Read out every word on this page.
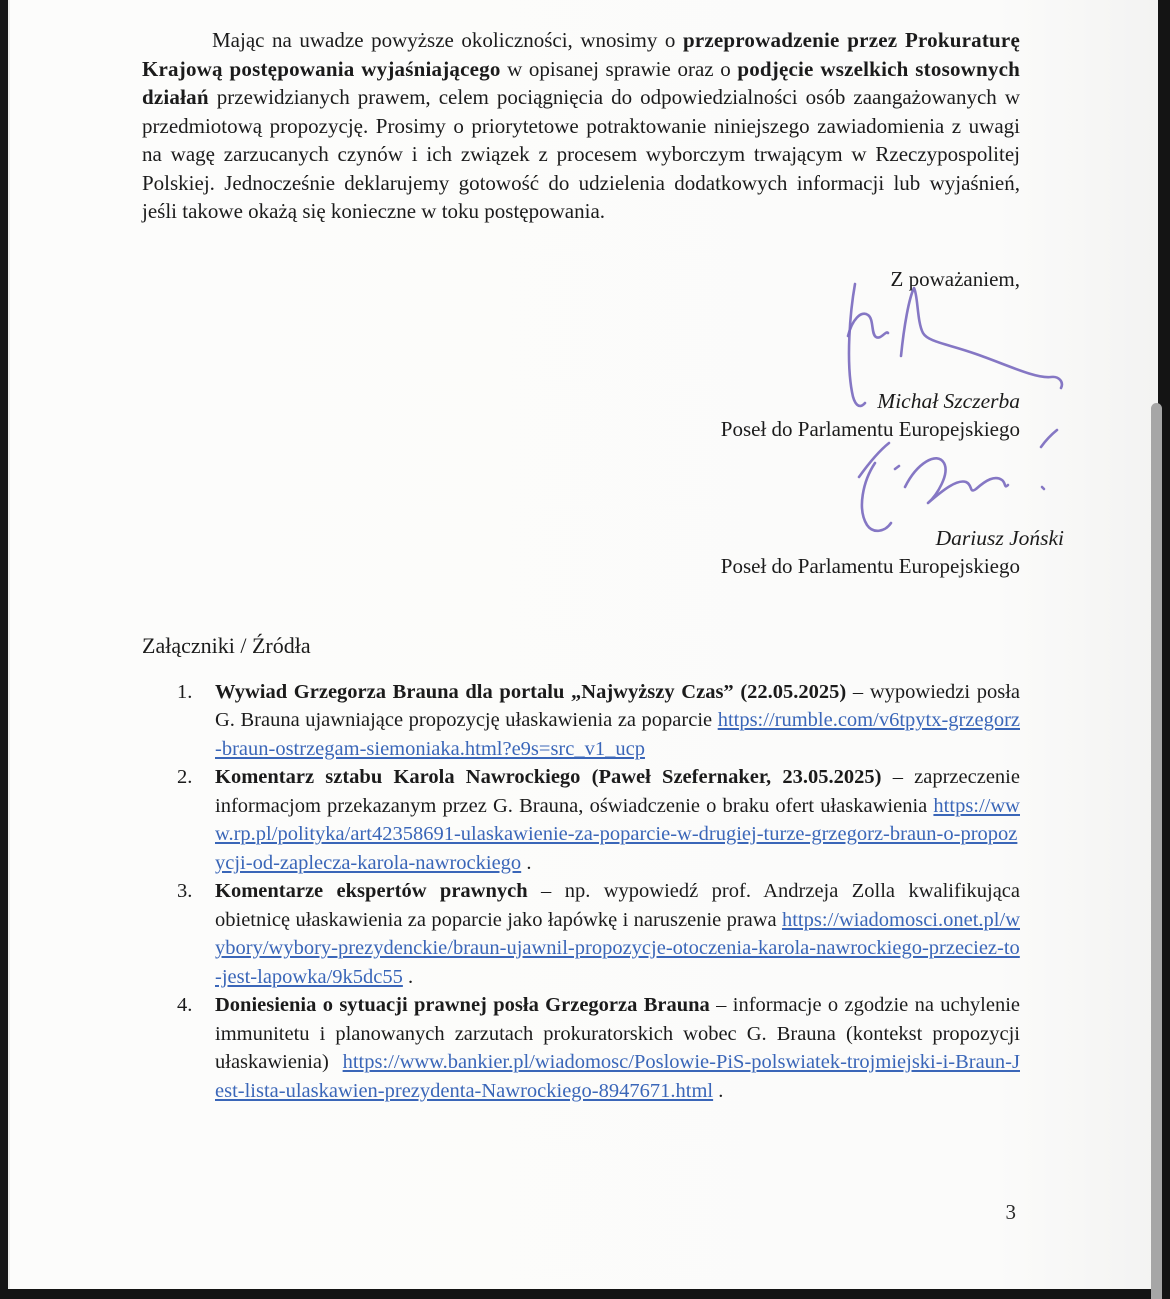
Mając na uwadze powyższe okoliczności, wnosimy o przeprowadzenie przez Prokuraturę Krajową postępowania wyjaśniającego w opisanej sprawie oraz o podjęcie wszelkich stosownych działań przewidzianych prawem, celem pociągnięcia do odpowiedzialności osób zaangażowanych w przedmiotową propozycję. Prosimy o priorytetowe potraktowanie niniejszego zawiadomienia z uwagi na wagę zarzucanych czynów i ich związek z procesem wyborczym trwającym w Rzeczypospolitej Polskiej. Jednocześnie deklarujemy gotowość do udzielenia dodatkowych informacji lub wyjaśnień, jeśli takowe okażą się konieczne w toku postępowania.

Z poważaniem,
Michał Szczerba
Poseł do Parlamentu Europejskiego
Dariusz Joński
Poseł do Parlamentu Europejskiego
Załączniki / Źródła
1. Wywiad Grzegorza Brauna dla portalu „Najwyższy Czas” (22.05.2025) – wypowiedzi posła G. Brauna ujawniające propozycję ułaskawienia za poparcie https://rumble.com/v6tpytx-grzegorz-braun-ostrzegam-siemoniaka.html?e9s=src_v1_ucp
2. Komentarz sztabu Karola Nawrockiego (Paweł Szefernaker, 23.05.2025) – zaprzeczenie informacjom przekazanym przez G. Brauna, oświadczenie o braku ofert ułaskawienia https://www.rp.pl/polityka/art42358691-ulaskawienie-za-poparcie-w-drugiej-turze-grzegorz-braun-o-propozycji-od-zaplecza-karola-nawrockiego .
3. Komentarze ekspertów prawnych – np. wypowiedź prof. Andrzeja Zolla kwalifikująca obietnicę ułaskawienia za poparcie jako łapówkę i naruszenie prawa https://wiadomosci.onet.pl/wybory/wybory-prezydenckie/braun-ujawnil-propozycje-otoczenia-karola-nawrockiego-przeciez-to-jest-lapowka/9k5dc55 .
4. Doniesienia o sytuacji prawnej posła Grzegorza Brauna – informacje o zgodzie na uchylenie immunitetu i planowanych zarzutach prokuratorskich wobec G. Brauna (kontekst propozycji ułaskawienia) https://www.bankier.pl/wiadomosc/Poslowie-PiS-polswiatek-trojmiejski-i-Braun-Jest-lista-ulaskawien-prezydenta-Nawrockiego-8947671.html .
3
